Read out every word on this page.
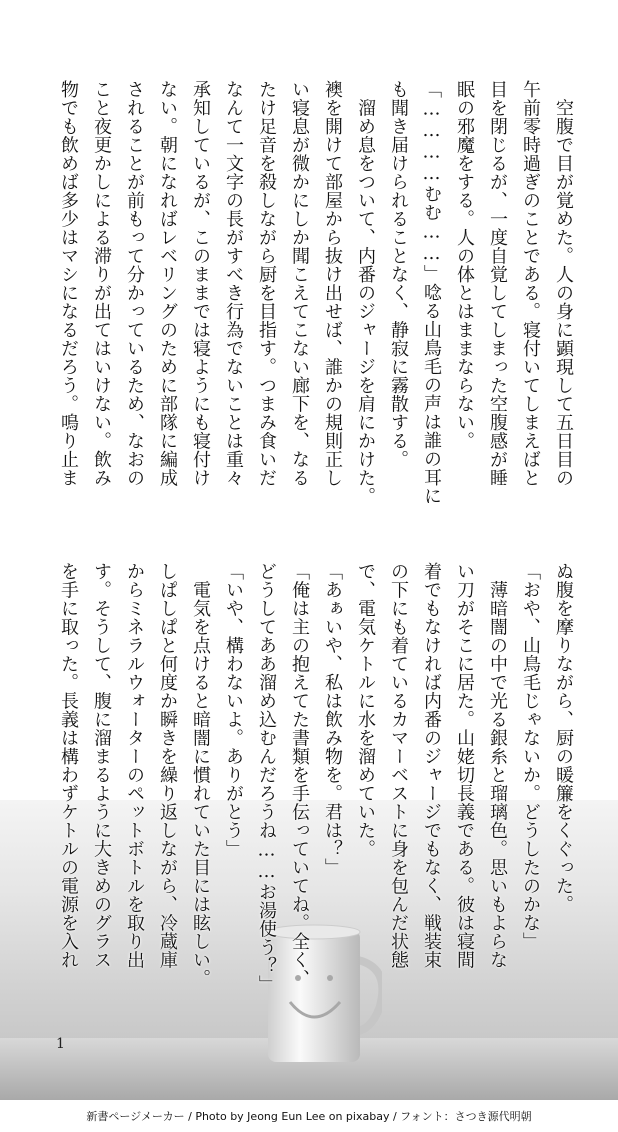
　空腹で目が覚めた。人の身に顕現して五日目の

午前零時過ぎのことである。寝付いてしまえばと

目を閉じるが、一度自覚してしまった空腹感が睡

眠の邪魔をする。人の体とはままならない。

「…………むむ……」唸る山鳥毛の声は誰の耳に

も聞き届けられることなく、静寂に霧散する。

　溜め息をついて、内番のジャージを肩にかけた。

襖を開けて部屋から抜け出せば、誰かの規則正し

い寝息が微かにしか聞こえてこない廊下を、なる

たけ足音を殺しながら厨を目指す。つまみ食いだ

なんて一文字の長がすべき行為でないことは重々

承知しているが、このままでは寝ようにも寝付け

ない。朝になればレベリングのために部隊に編成

されることが前もって分かっているため、なおの

こと夜更かしによる滞りが出てはいけない。飲み

物でも飲めば多少はマシになるだろう。鳴り止ま

ぬ腹を摩りながら、厨の暖簾をくぐった。

「おや、山鳥毛じゃないか。どうしたのかな」

　薄暗闇の中で光る銀糸と瑠璃色。思いもよらな

い刀がそこに居た。山姥切長義である。彼は寝間

着でもなければ内番のジャージでもなく、戦装束

の下にも着ているカマーベストに身を包んだ状態

で、電気ケトルに水を溜めていた。

「あぁいや、私は飲み物を。君は？」

「俺は主の抱えてた書類を手伝っていてね。全く、

どうしてああ溜め込むんだろうね……お湯使う？」

「いや、構わないよ。ありがとう」

　電気を点けると暗闇に慣れていた目には眩しい。

しぱしぱと何度か瞬きを繰り返しながら、冷蔵庫

からミネラルウォーターのペットボトルを取り出

す。そうして、腹に溜まるように大きめのグラス

を手に取った。長義は構わずケトルの電源を入れ

1
新書ページメーカー / Photo by Jeong Eun Lee on pixabay / フォント：さつき源代明朝
